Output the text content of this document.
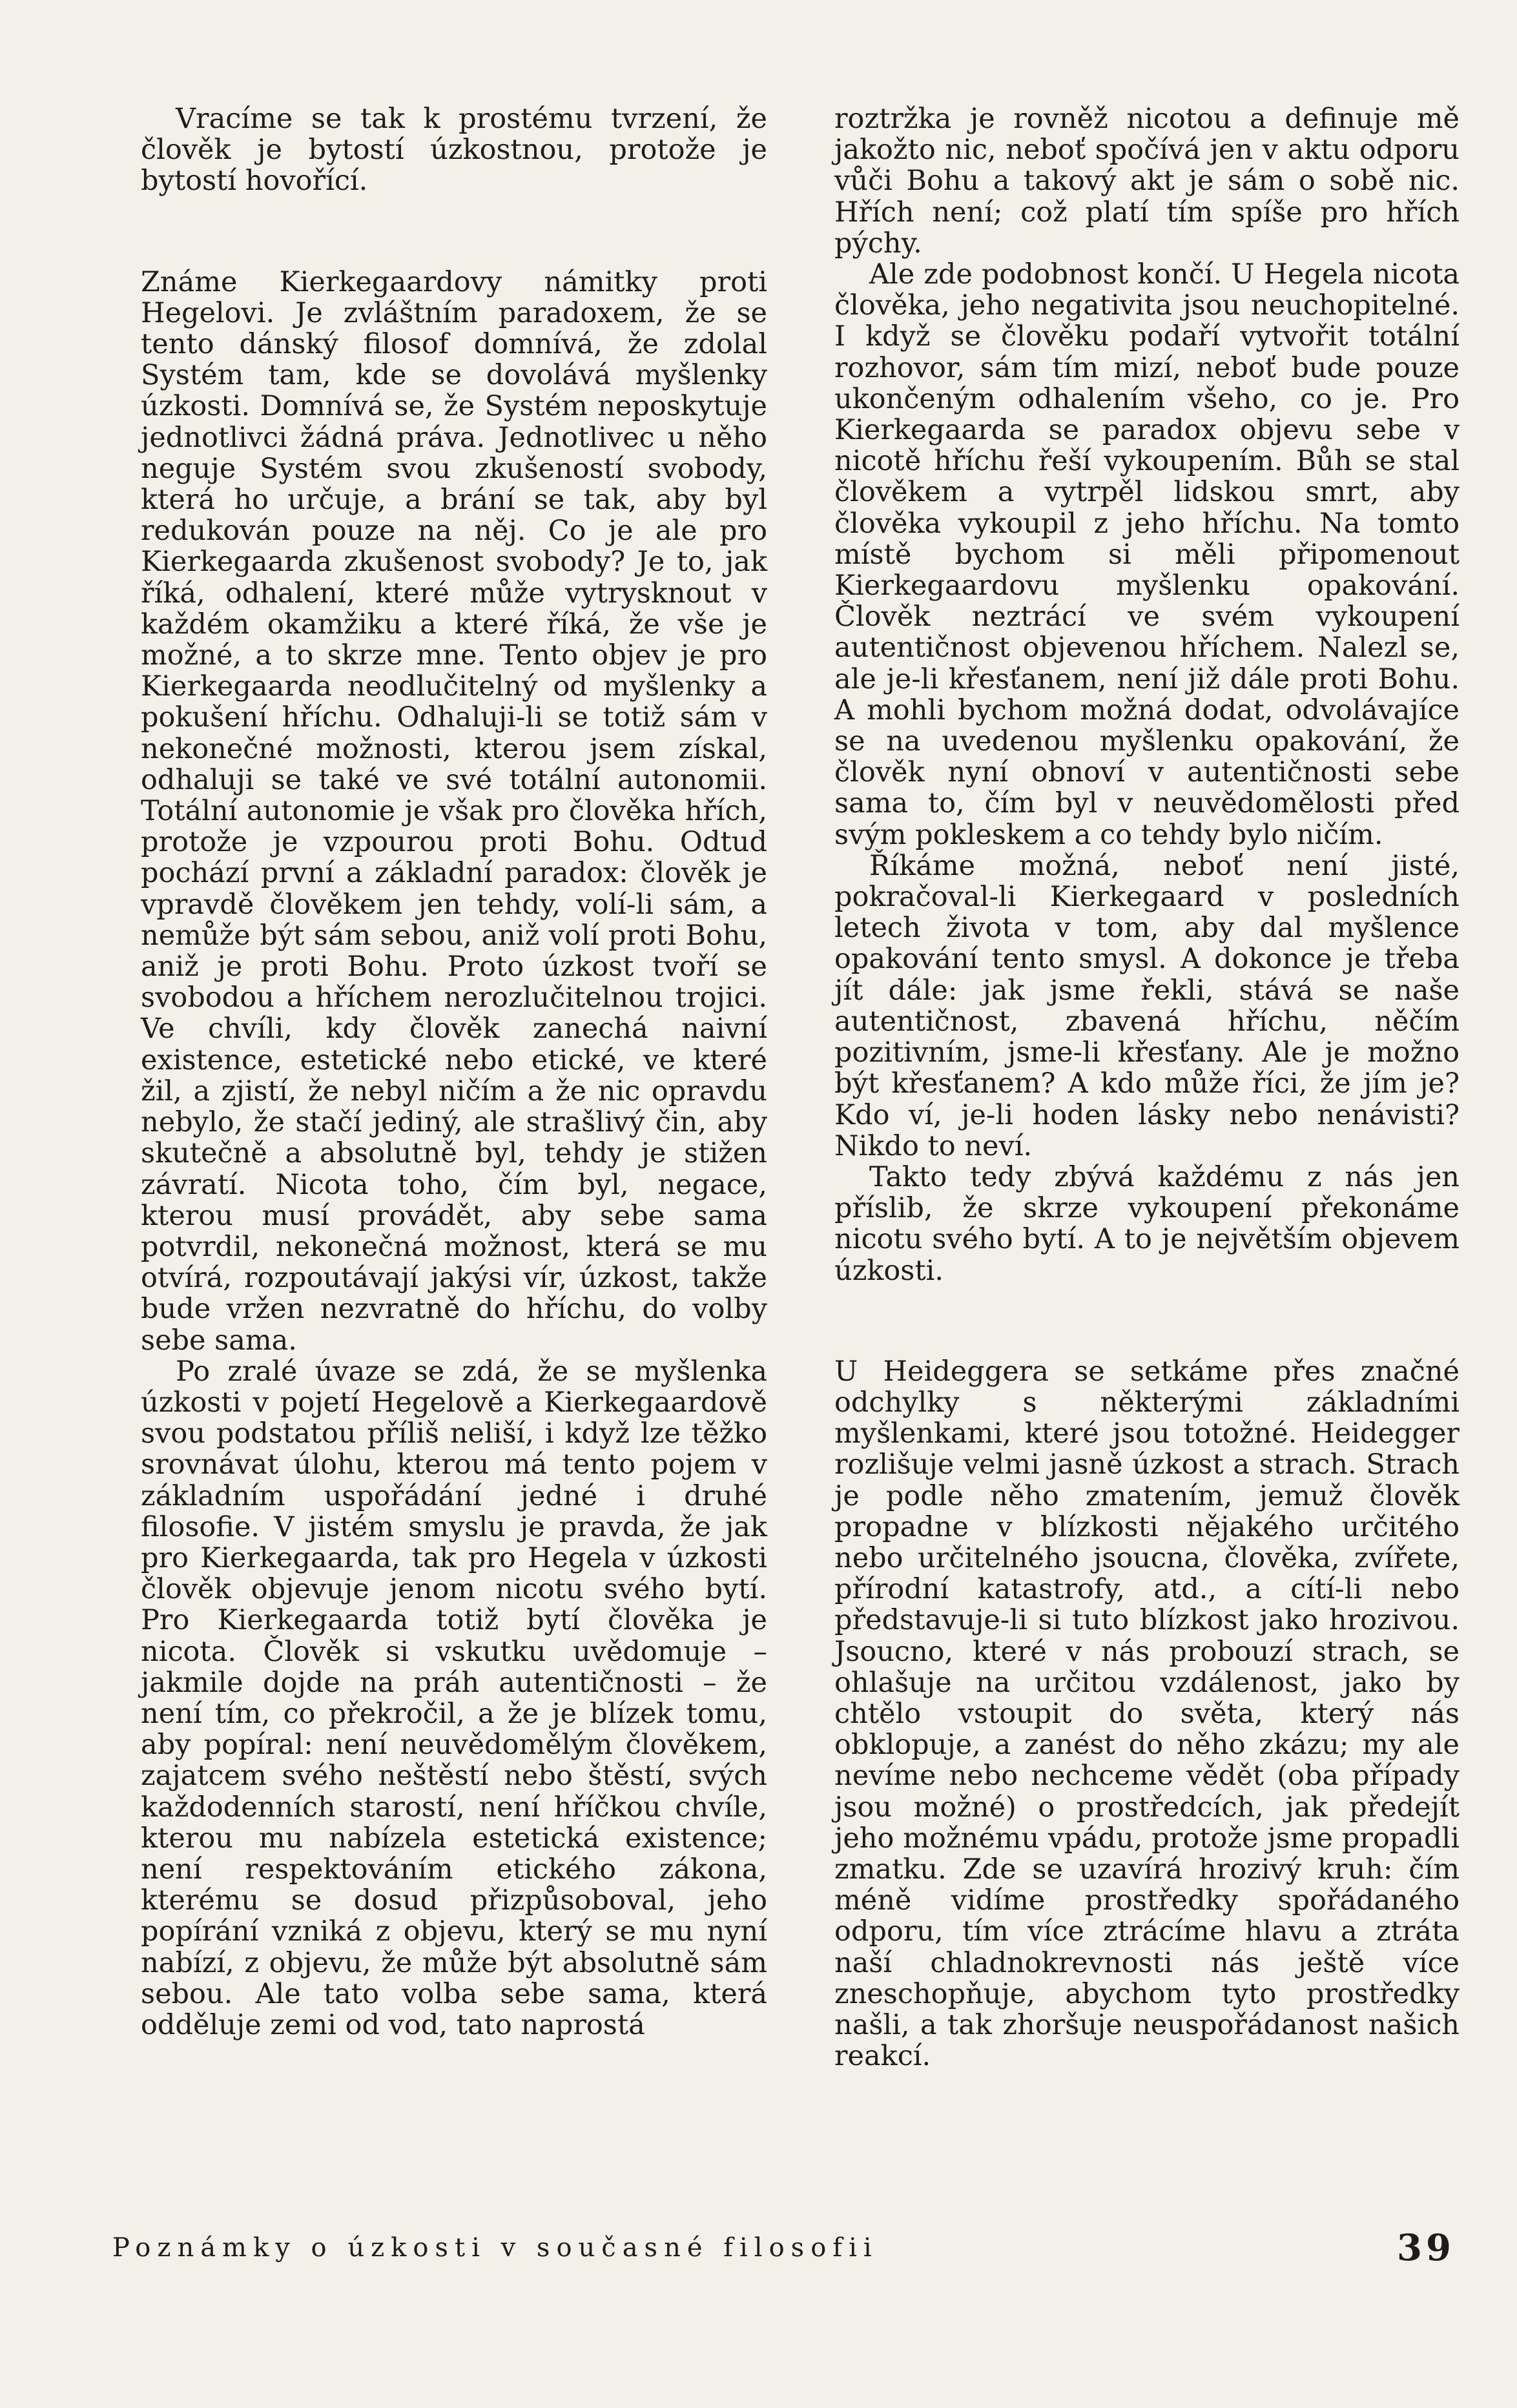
Vracíme se tak k prostému tvrzení, že člověk je bytostí úzkostnou, protože je bytostí hovořící.

Známe Kierkegaardovy námitky proti Hegelovi. Je zvláštním paradoxem, že se tento dánský filosof domnívá, že zdolal Systém tam, kde se dovolává myšlenky úzkosti. Domnívá se, že Systém neposkytuje jednotlivci žádná práva. Jednotlivec u něho neguje Systém svou zkušeností svobody, která ho určuje, a brání se tak, aby byl redukován pouze na něj. Co je ale pro Kierkegaarda zkušenost svobody? Je to, jak říká, odhalení, které může vytrysknout v každém okamžiku a které říká, že vše je možné, a to skrze mne. Tento objev je pro Kierkegaarda neodlučitelný od myšlenky a pokušení hříchu. Odhaluji-li se totiž sám v nekonečné možnosti, kterou jsem získal, odhaluji se také ve své totální autonomii. Totální autonomie je však pro člověka hřích, protože je vzpourou proti Bohu. Odtud pochází první a základní paradox: člověk je vpravdě člověkem jen tehdy, volí-li sám, a nemůže být sám sebou, aniž volí proti Bohu, aniž je proti Bohu. Proto úzkost tvoří se svobodou a hříchem nerozlučitelnou trojici. Ve chvíli, kdy člověk zanechá naivní existence, estetické nebo etické, ve které žil, a zjistí, že nebyl ničím a že nic opravdu nebylo, že stačí jediný, ale strašlivý čin, aby skutečně a absolutně byl, tehdy je stižen závratí. Nicota toho, čím byl, negace, kterou musí provádět, aby sebe sama potvrdil, nekonečná možnost, která se mu otvírá, rozpoutávají jakýsi vír, úzkost, takže bude vržen nezvratně do hříchu, do volby sebe sama.

Po zralé úvaze se zdá, že se myšlenka úzkosti v pojetí Hegelově a Kierkegaardově svou podstatou příliš neliší, i když lze těžko srovnávat úlohu, kterou má tento pojem v základním uspořádání jedné i druhé filosofie. V jistém smyslu je pravda, že jak pro Kierkegaarda, tak pro Hegela v úzkosti člověk objevuje jenom nicotu svého bytí. Pro Kierkegaarda totiž bytí člověka je nicota. Člověk si vskutku uvědomuje – jakmile dojde na práh autentičnosti – že není tím, co překročil, a že je blízek tomu, aby popíral: není neuvědomělým člověkem, zajatcem svého neštěstí nebo štěstí, svých každodenních starostí, není hříčkou chvíle, kterou mu nabízela estetická existence; není respektováním etického zákona, kterému se dosud přizpůsoboval, jeho popírání vzniká z objevu, který se mu nyní nabízí, z objevu, že může být absolutně sám sebou. Ale tato volba sebe sama, která odděluje zemi od vod, tato naprostá

roztržka je rovněž nicotou a definuje mě jakožto nic, neboť spočívá jen v aktu odporu vůči Bohu a takový akt je sám o sobě nic. Hřích není; což platí tím spíše pro hřích pýchy.

Ale zde podobnost končí. U Hegela nicota člověka, jeho negativita jsou neuchopitelné. I když se člověku podaří vytvořit totální rozhovor, sám tím mizí, neboť bude pouze ukončeným odhalením všeho, co je. Pro Kierkegaarda se paradox objevu sebe v nicotě hříchu řeší vykoupením. Bůh se stal člověkem a vytrpěl lidskou smrt, aby člověka vykoupil z jeho hříchu. Na tomto místě bychom si měli připomenout Kierkegaardovu myšlenku opakování. Člověk neztrácí ve svém vykoupení autentičnost objevenou hříchem. Nalezl se, ale je-li křesťanem, není již dále proti Bohu. A mohli bychom možná dodat, odvolávajíce se na uvedenou myšlenku opakování, že člověk nyní obnoví v autentičnosti sebe sama to, čím byl v neuvědomělosti před svým pokleskem a co tehdy bylo ničím.

Říkáme možná, neboť není jisté, pokračoval-li Kierkegaard v posledních letech života v tom, aby dal myšlence opakování tento smysl. A dokonce je třeba jít dále: jak jsme řekli, stává se naše autentičnost, zbavená hříchu, něčím pozitivním, jsme-li křesťany. Ale je možno být křesťanem? A kdo může říci, že jím je? Kdo ví, je-li hoden lásky nebo nenávisti? Nikdo to neví.

Takto tedy zbývá každému z nás jen příslib, že skrze vykoupení překonáme nicotu svého bytí. A to je největším objevem úzkosti.

U Heideggera se setkáme přes značné odchylky s některými základními myšlenkami, které jsou totožné. Heidegger rozlišuje velmi jasně úzkost a strach. Strach je podle něho zmatením, jemuž člověk propadne v blízkosti nějakého určitého nebo určitelného jsoucna, člověka, zvířete, přírodní katastrofy, atd., a cítí-li nebo představuje-li si tuto blízkost jako hrozivou. Jsoucno, které v nás probouzí strach, se ohlašuje na určitou vzdálenost, jako by chtělo vstoupit do světa, který nás obklopuje, a zanést do něho zkázu; my ale nevíme nebo nechceme vědět (oba případy jsou možné) o prostředcích, jak předejít jeho možnému vpádu, protože jsme propadli zmatku. Zde se uzavírá hrozivý kruh: čím méně vidíme prostředky spořádaného odporu, tím více ztrácíme hlavu a ztráta naší chladnokrevnosti nás ještě více zneschopňuje, abychom tyto prostředky našli, a tak zhoršuje neuspořádanost našich reakcí.

Poznámky o úzkosti v současné filosofii	39
